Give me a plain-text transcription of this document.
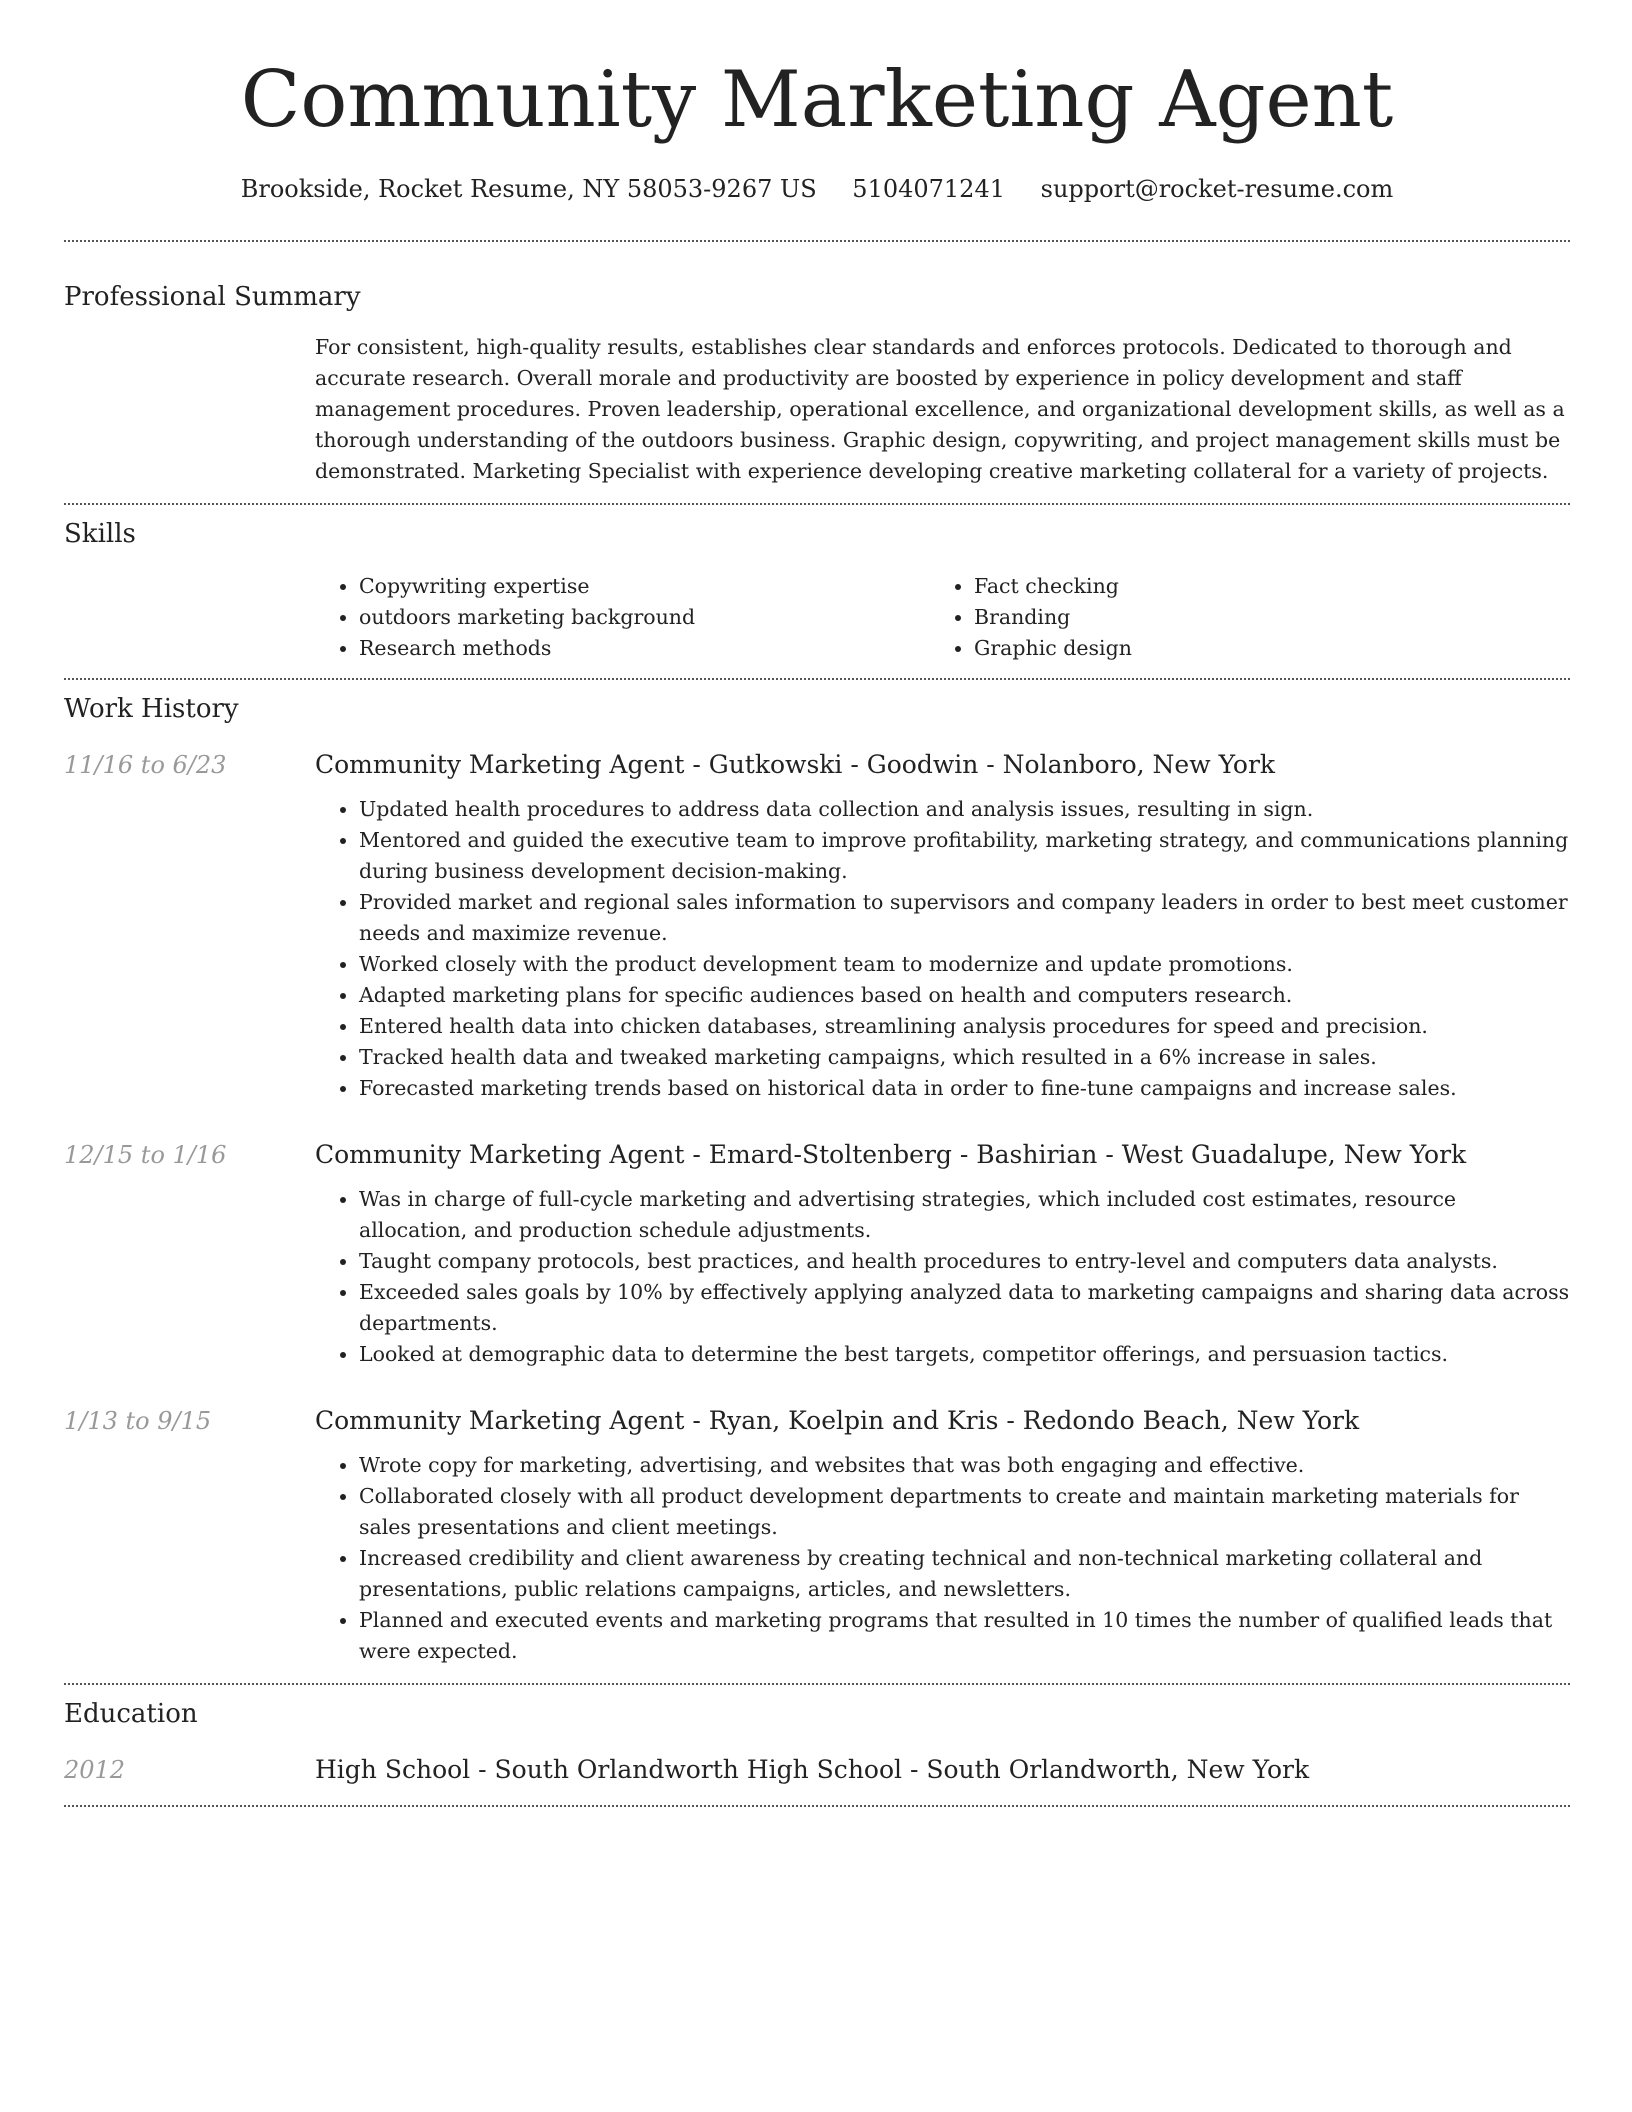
Community Marketing Agent
Brookside, Rocket Resume, NY 58053-9267 US 5104071241 support@rocket-resume.com
Professional Summary
For consistent, high-quality results, establishes clear standards and enforces protocols. Dedicated to thorough and accurate research. Overall morale and productivity are boosted by experience in policy development and staff management procedures. Proven leadership, operational excellence, and organizational development skills, as well as a thorough understanding of the outdoors business. Graphic design, copywriting, and project management skills must be demonstrated. Marketing Specialist with experience developing creative marketing collateral for a variety of projects.
Skills
• Copywriting expertise
• outdoors marketing background
• Research methods
• Fact checking
• Branding
• Graphic design
Work History
11/16 to 6/23	Community Marketing Agent - Gutkowski - Goodwin - Nolanboro, New York
• Updated health procedures to address data collection and analysis issues, resulting in sign.
• Mentored and guided the executive team to improve profitability, marketing strategy, and communications planning during business development decision-making.
• Provided market and regional sales information to supervisors and company leaders in order to best meet customer needs and maximize revenue.
• Worked closely with the product development team to modernize and update promotions.
• Adapted marketing plans for specific audiences based on health and computers research.
• Entered health data into chicken databases, streamlining analysis procedures for speed and precision.
• Tracked health data and tweaked marketing campaigns, which resulted in a 6% increase in sales.
• Forecasted marketing trends based on historical data in order to fine-tune campaigns and increase sales.
12/15 to 1/16	Community Marketing Agent - Emard-Stoltenberg - Bashirian - West Guadalupe, New York
• Was in charge of full-cycle marketing and advertising strategies, which included cost estimates, resource allocation, and production schedule adjustments.
• Taught company protocols, best practices, and health procedures to entry-level and computers data analysts.
• Exceeded sales goals by 10% by effectively applying analyzed data to marketing campaigns and sharing data across departments.
• Looked at demographic data to determine the best targets, competitor offerings, and persuasion tactics.
1/13 to 9/15	Community Marketing Agent - Ryan, Koelpin and Kris - Redondo Beach, New York
• Wrote copy for marketing, advertising, and websites that was both engaging and effective.
• Collaborated closely with all product development departments to create and maintain marketing materials for sales presentations and client meetings.
• Increased credibility and client awareness by creating technical and non-technical marketing collateral and presentations, public relations campaigns, articles, and newsletters.
• Planned and executed events and marketing programs that resulted in 10 times the number of qualified leads that were expected.
Education
2012	High School - South Orlandworth High School - South Orlandworth, New York
